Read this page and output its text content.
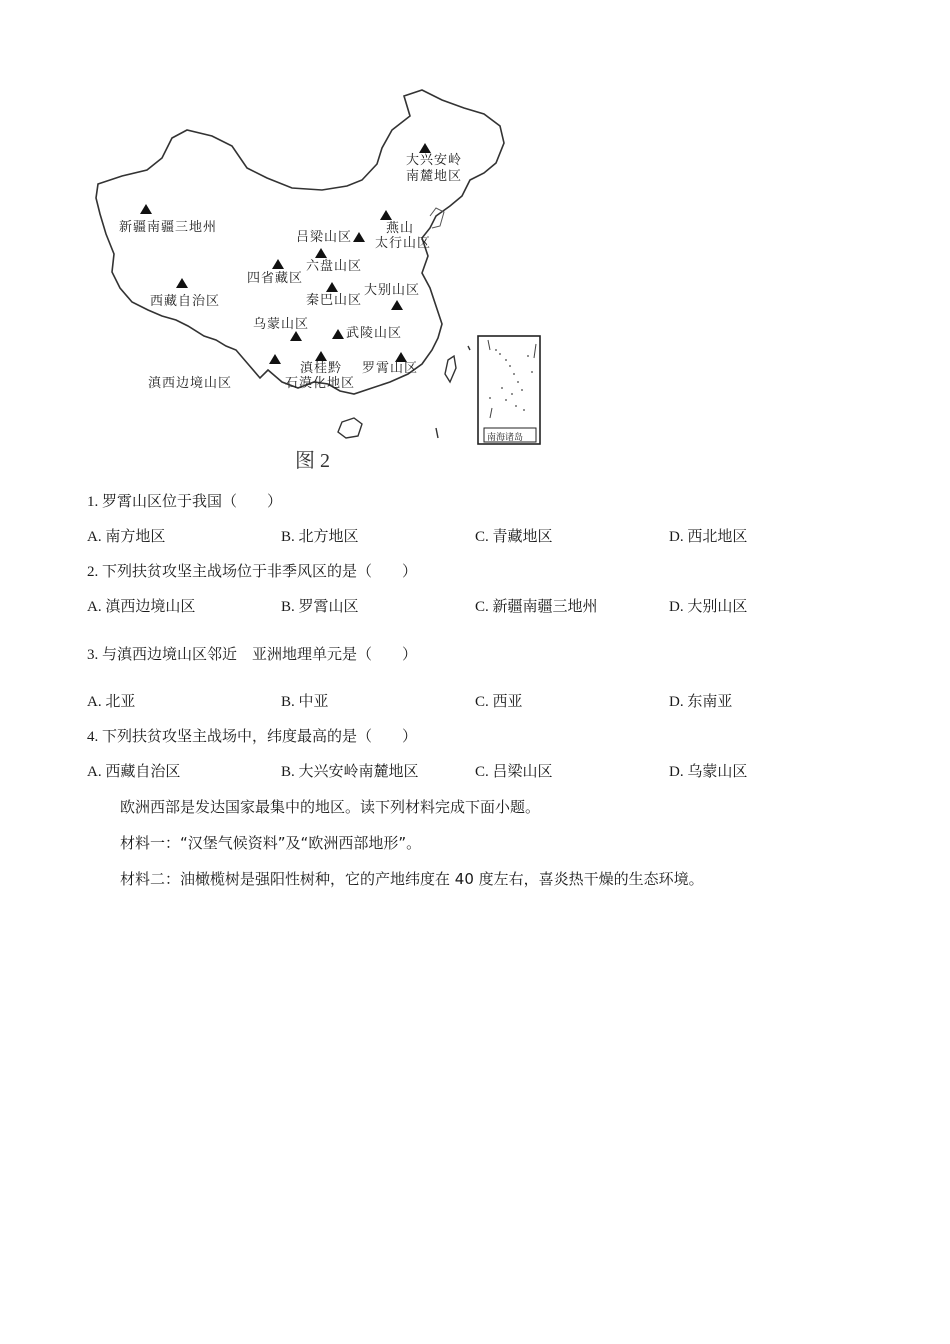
大兴安岭
南麓地区
新疆南疆三地州	燕山
太行山区
吕梁山区
六盘山区
四省藏区
西藏自治区	秦巴山区
大别山区
乌蒙山区
武陵山区
滇桂黔
石漠化地区
罗霄山区
滇西边境山区
南海诸岛
图 2
1. 罗霄山区位于我国（　　）
A. 南方地区	B. 北方地区	C. 青藏地区	D. 西北地区
2. 下列扶贫攻坚主战场位于非季风区的是（　　）
A. 滇西边境山区	B. 罗霄山区	C. 新疆南疆三地州	D. 大别山区
3. 与滇西边境山区邻近　亚洲地理单元是（　　）
A. 北亚	B. 中亚	C. 西亚	D. 东南亚
4. 下列扶贫攻坚主战场中，纬度最高的是（　　）
A. 西藏自治区	B. 大兴安岭南麓地区	C. 吕梁山区	D. 乌蒙山区
欧洲西部是发达国家最集中的地区。读下列材料完成下面小题。
材料一：“汉堡气候资料”及“欧洲西部地形”。
材料二：油橄榄树是强阳性树种，它的产地纬度在 40 度左右，喜炎热干燥的生态环境。
